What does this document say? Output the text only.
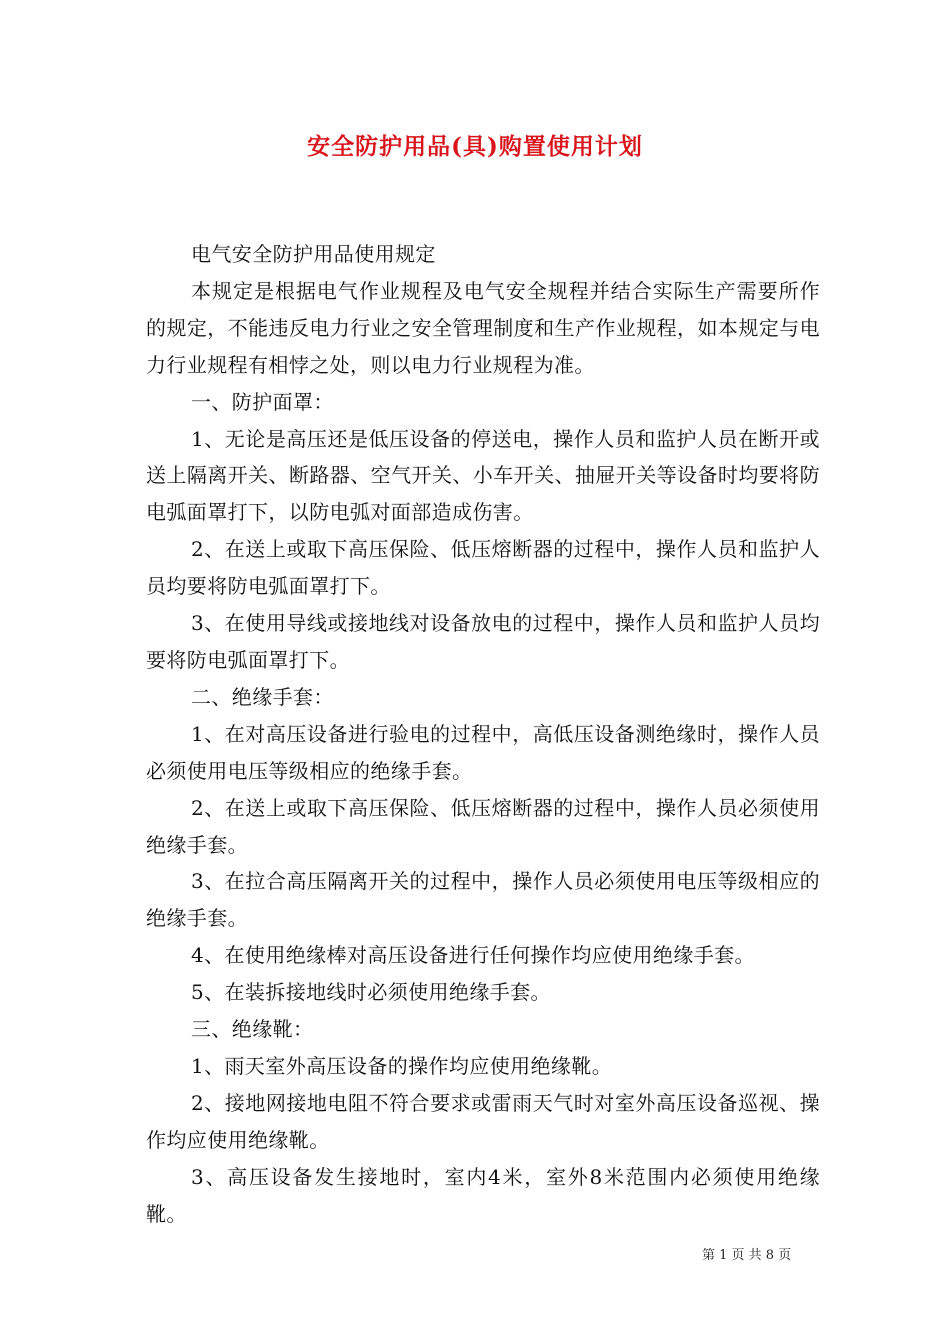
安全防护用品(具)购置使用计划

电气安全防护用品使用规定

本规定是根据电气作业规程及电气安全规程并结合实际生产需要所作的规定，不能违反电力行业之安全管理制度和生产作业规程，如本规定与电力行业规程有相悖之处，则以电力行业规程为准。

一、防护面罩：

1、无论是高压还是低压设备的停送电，操作人员和监护人员在断开或送上隔离开关、断路器、空气开关、小车开关、抽屉开关等设备时均要将防电弧面罩打下，以防电弧对面部造成伤害。

2、在送上或取下高压保险、低压熔断器的过程中，操作人员和监护人员均要将防电弧面罩打下。

3、在使用导线或接地线对设备放电的过程中，操作人员和监护人员均要将防电弧面罩打下。

二、绝缘手套：

1、在对高压设备进行验电的过程中，高低压设备测绝缘时，操作人员必须使用电压等级相应的绝缘手套。

2、在送上或取下高压保险、低压熔断器的过程中，操作人员必须使用绝缘手套。

3、在拉合高压隔离开关的过程中，操作人员必须使用电压等级相应的绝缘手套。

4、在使用绝缘棒对高压设备进行任何操作均应使用绝缘手套。

5、在装拆接地线时必须使用绝缘手套。

三、绝缘靴：

1、雨天室外高压设备的操作均应使用绝缘靴。

2、接地网接地电阻不符合要求或雷雨天气时对室外高压设备巡视、操作均应使用绝缘靴。

3、高压设备发生接地时，室内4米，室外8米范围内必须使用绝缘靴。

第 1 页 共 8 页
